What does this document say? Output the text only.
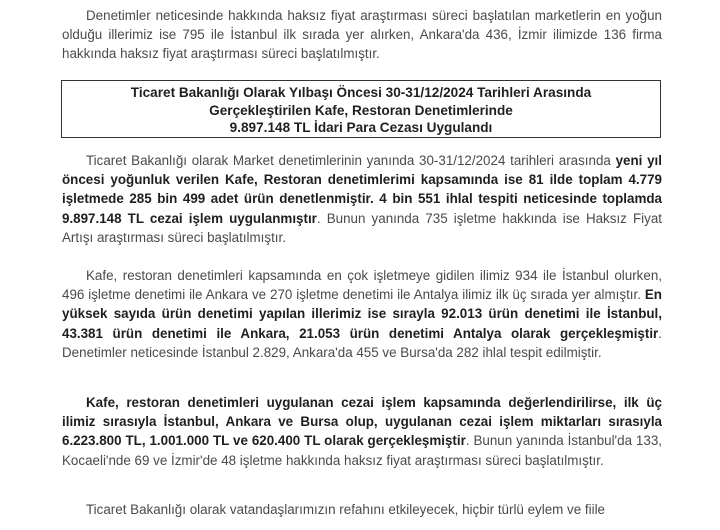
Denetimler neticesinde hakkında haksız fiyat araştırması süreci başlatılan marketlerin en yoğun olduğu illerimiz ise 795 ile İstanbul ilk sırada yer alırken, Ankara'da 436, İzmir ilimizde 136 firma hakkında haksız fiyat araştırması süreci başlatılmıştır.

Ticaret Bakanlığı Olarak Yılbaşı Öncesi 30-31/12/2024 Tarihleri Arasında
Gerçekleştirilen Kafe, Restoran Denetimlerinde
9.897.148 TL İdari Para Cezası Uygulandı

Ticaret Bakanlığı olarak Market denetimlerinin yanında 30-31/12/2024 tarihleri arasında yeni yıl öncesi yoğunluk verilen Kafe, Restoran denetimlerimi kapsamında ise 81 ilde toplam 4.779 işletmede 285 bin 499 adet ürün denetlenmiştir. 4 bin 551 ihlal tespiti neticesinde toplamda 9.897.148 TL cezai işlem uygulanmıştır. Bunun yanında 735 işletme hakkında ise Haksız Fiyat Artışı araştırması süreci başlatılmıştır.

Kafe, restoran denetimleri kapsamında en çok işletmeye gidilen ilimiz 934 ile İstanbul olurken, 496 işletme denetimi ile Ankara ve 270 işletme denetimi ile Antalya ilimiz ilk üç sırada yer almıştır. En yüksek sayıda ürün denetimi yapılan illerimiz ise sırayla 92.013 ürün denetimi ile İstanbul, 43.381 ürün denetimi ile Ankara, 21.053 ürün denetimi Antalya olarak gerçekleşmiştir. Denetimler neticesinde İstanbul 2.829, Ankara'da 455 ve Bursa'da 282 ihlal tespit edilmiştir.

Kafe, restoran denetimleri uygulanan cezai işlem kapsamında değerlendirilirse, ilk üç ilimiz sırasıyla İstanbul, Ankara ve Bursa olup, uygulanan cezai işlem miktarları sırasıyla 6.223.800 TL, 1.001.000 TL ve 620.400 TL olarak gerçekleşmiştir. Bunun yanında İstanbul'da 133, Kocaeli'nde 69 ve İzmir'de 48 işletme hakkında haksız fiyat araştırması süreci başlatılmıştır.

Ticaret Bakanlığı olarak vatandaşlarımızın refahını etkileyecek, hiçbir türlü eylem ve fiile
